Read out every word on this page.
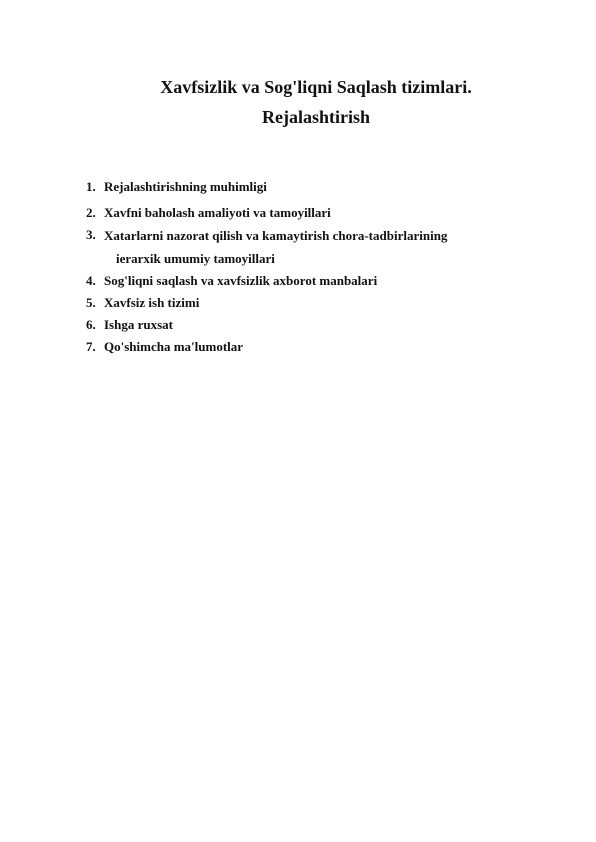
Xavfsizlik va Sog'liqni Saqlash tizimlari.

Rejalashtirish

1. Rejalashtirishning muhimligi
2. Xavfni baholash amaliyoti va tamoyillari
3. Xatarlarni nazorat qilish va kamaytirish chora-tadbirlarining
ierarxik umumiy tamoyillari
4. Sog'liqni saqlash va xavfsizlik axborot manbalari
5. Xavfsiz ish tizimi
6. Ishga ruxsat
7. Qo'shimcha ma'lumotlar
